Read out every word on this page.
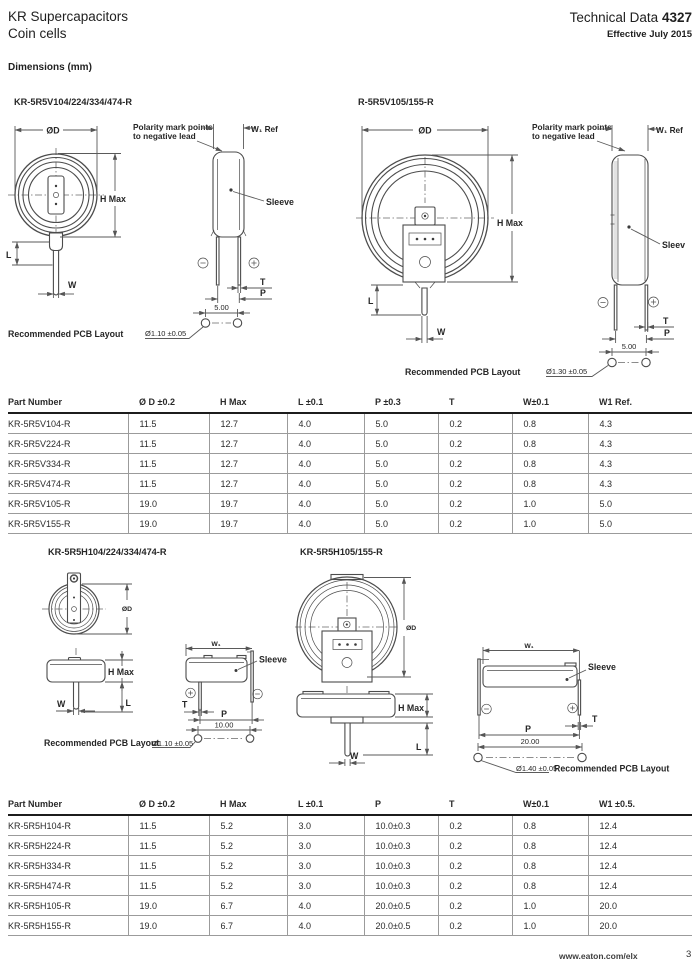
KR Supercapacitors
Coin cells
Technical Data 4327
Effective July 2015
Dimensions (mm)
KR-5R5V104/224/334/474-R
ØD
H Max
L
W
Polarity mark points
to negative lead
W₁ Ref
Sleeve
T
P
5.00
Recommended PCB Layout	Ø1.10 ±0.05
R-5R5V105/155-R
ØD
H Max
L
W
Polarity mark points
to negative lead
W₁ Ref
Sleev
T
P
5.00
Recommended PCB Layout	Ø1.30 ±0.05
Part Number	Ø D ±0.2	H Max	L ±0.1	P ±0.3	T	W±0.1	W1 Ref.
KR-5R5V104-R	11.5	12.7	4.0	5.0	0.2	0.8	4.3
KR-5R5V224-R	11.5	12.7	4.0	5.0	0.2	0.8	4.3
KR-5R5V334-R	11.5	12.7	4.0	5.0	0.2	0.8	4.3
KR-5R5V474-R	11.5	12.7	4.0	5.0	0.2	0.8	4.3
KR-5R5V105-R	19.0	19.7	4.0	5.0	0.2	1.0	5.0
KR-5R5V155-R	19.0	19.7	4.0	5.0	0.2	1.0	5.0
KR-5R5H104/224/334/474-R
ØD
H Max
L
W
W₁
Sleeve
T
P
10.00
Recommended PCB Layout
Ø1.10 ±0.05
KR-5R5H105/155-R
ØD
H Max
L
W
W₁
Sleeve
T
P
20.00
Ø1.40 ±0.05
Recommended PCB Layout
Part Number	Ø D ±0.2	H Max	L ±0.1	P	T	W±0.1	W1 ±0.5.
KR-5R5H104-R	11.5	5.2	3.0	10.0±0.3	0.2	0.8	12.4
KR-5R5H224-R	11.5	5.2	3.0	10.0±0.3	0.2	0.8	12.4
KR-5R5H334-R	11.5	5.2	3.0	10.0±0.3	0.2	0.8	12.4
KR-5R5H474-R	11.5	5.2	3.0	10.0±0.3	0.2	0.8	12.4
KR-5R5H105-R	19.0	6.7	4.0	20.0±0.5	0.2	1.0	20.0
KR-5R5H155-R	19.0	6.7	4.0	20.0±0.5	0.2	1.0	20.0
www.eaton.com/elx	3
